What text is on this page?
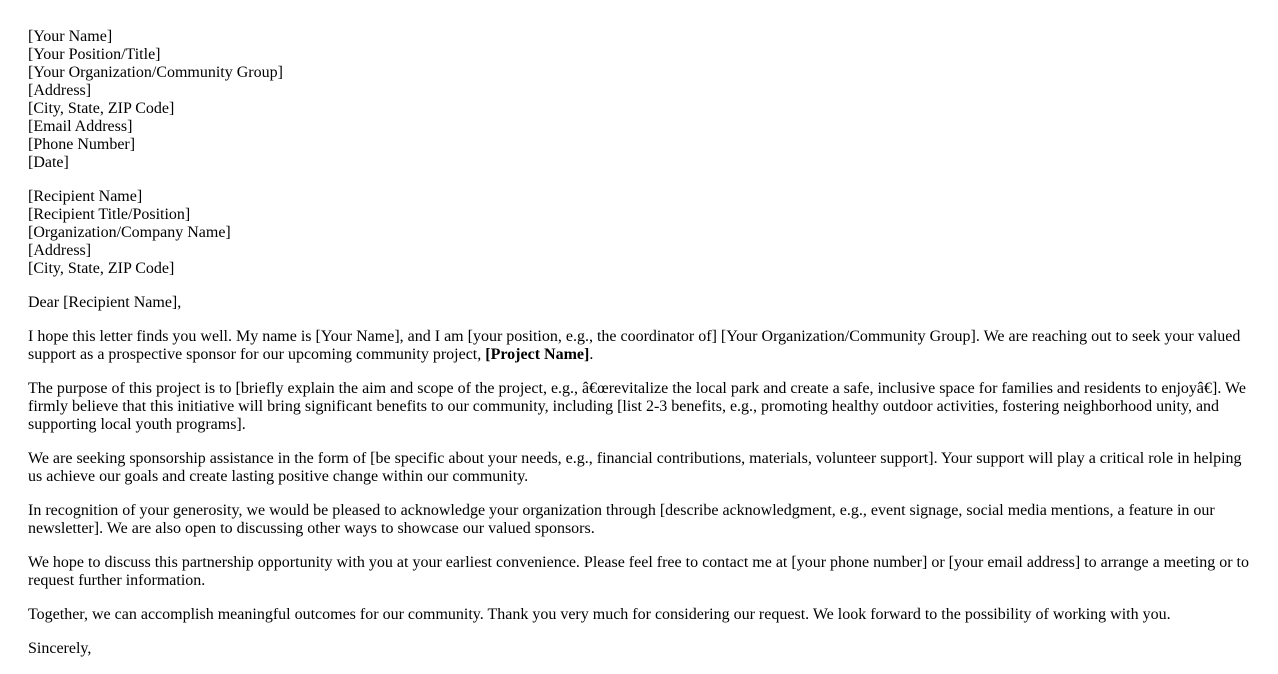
[Your Name]
[Your Position/Title]
[Your Organization/Community Group]
[Address]
[City, State, ZIP Code]
[Email Address]
[Phone Number]
[Date]
[Recipient Name]
[Recipient Title/Position]
[Organization/Company Name]
[Address]
[City, State, ZIP Code]

Dear [Recipient Name],

I hope this letter finds you well. My name is [Your Name], and I am [your position, e.g., the coordinator of] [Your Organization/Community Group]. We are reaching out to seek your valued support as a prospective sponsor for our upcoming community project, [Project Name].

The purpose of this project is to [briefly explain the aim and scope of the project, e.g., â€œrevitalize the local park and create a safe, inclusive space for families and residents to enjoyâ€]. We firmly believe that this initiative will bring significant benefits to our community, including [list 2-3 benefits, e.g., promoting healthy outdoor activities, fostering neighborhood unity, and supporting local youth programs].

We are seeking sponsorship assistance in the form of [be specific about your needs, e.g., financial contributions, materials, volunteer support]. Your support will play a critical role in helping us achieve our goals and create lasting positive change within our community.

In recognition of your generosity, we would be pleased to acknowledge your organization through [describe acknowledgment, e.g., event signage, social media mentions, a feature in our newsletter]. We are also open to discussing other ways to showcase our valued sponsors.

We hope to discuss this partnership opportunity with you at your earliest convenience. Please feel free to contact me at [your phone number] or [your email address] to arrange a meeting or to request further information.

Together, we can accomplish meaningful outcomes for our community. Thank you very much for considering our request. We look forward to the possibility of working with you.

Sincerely,
